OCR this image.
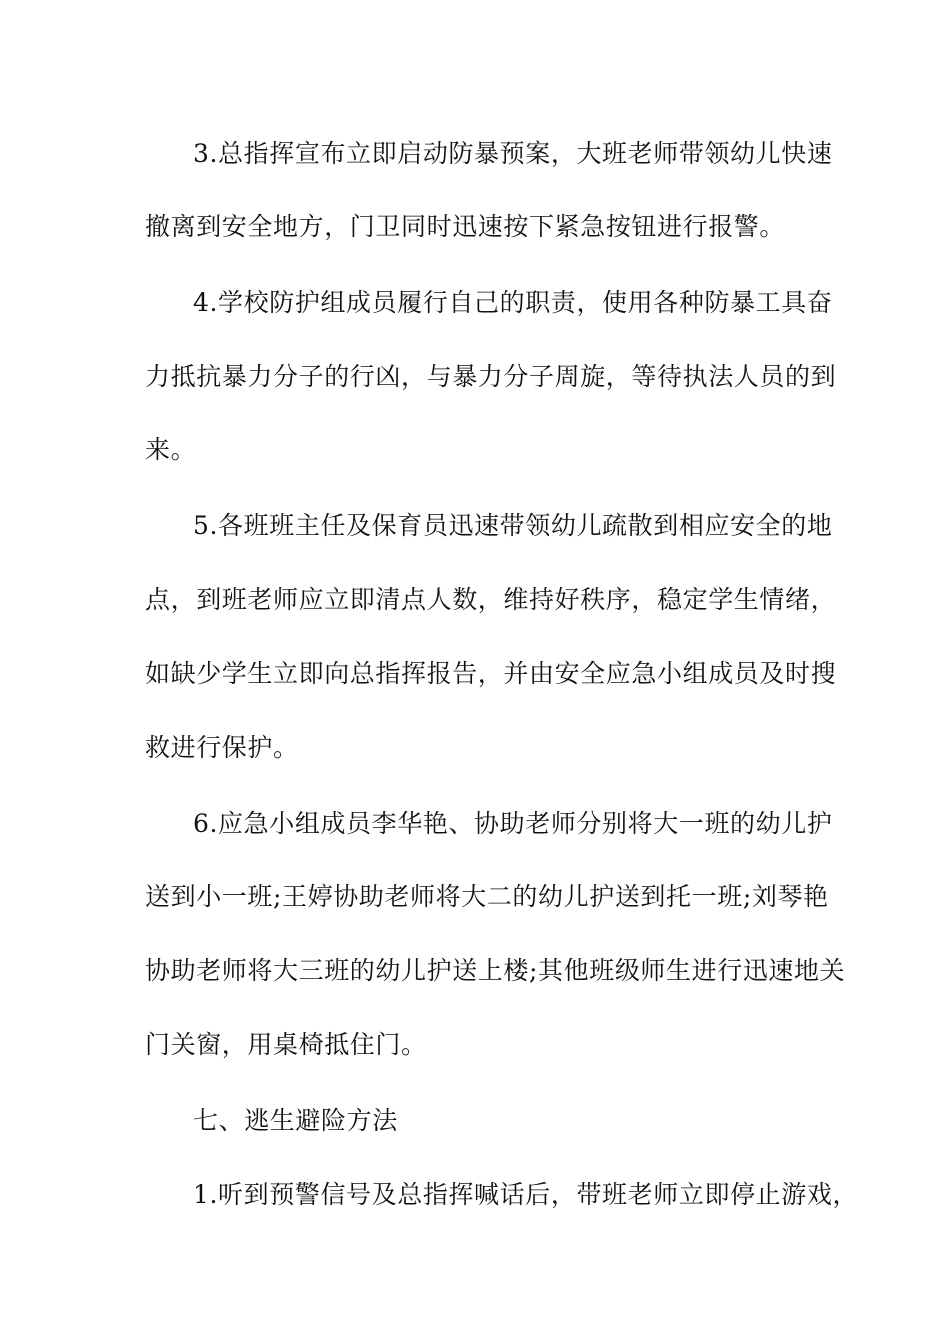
3.总指挥宣布立即启动防暴预案，大班老师带领幼儿快速
撤离到安全地方，门卫同时迅速按下紧急按钮进行报警。
4.学校防护组成员履行自己的职责，使用各种防暴工具奋
力抵抗暴力分子的行凶，与暴力分子周旋，等待执法人员的到
来。
5.各班班主任及保育员迅速带领幼儿疏散到相应安全的地
点，到班老师应立即清点人数，维持好秩序，稳定学生情绪，
如缺少学生立即向总指挥报告，并由安全应急小组成员及时搜
救进行保护。
6.应急小组成员李华艳、协助老师分别将大一班的幼儿护
送到小一班;王婷协助老师将大二的幼儿护送到托一班;刘琴艳
协助老师将大三班的幼儿护送上楼;其他班级师生进行迅速地关
门关窗，用桌椅抵住门。
七、逃生避险方法
1.听到预警信号及总指挥喊话后，带班老师立即停止游戏，
